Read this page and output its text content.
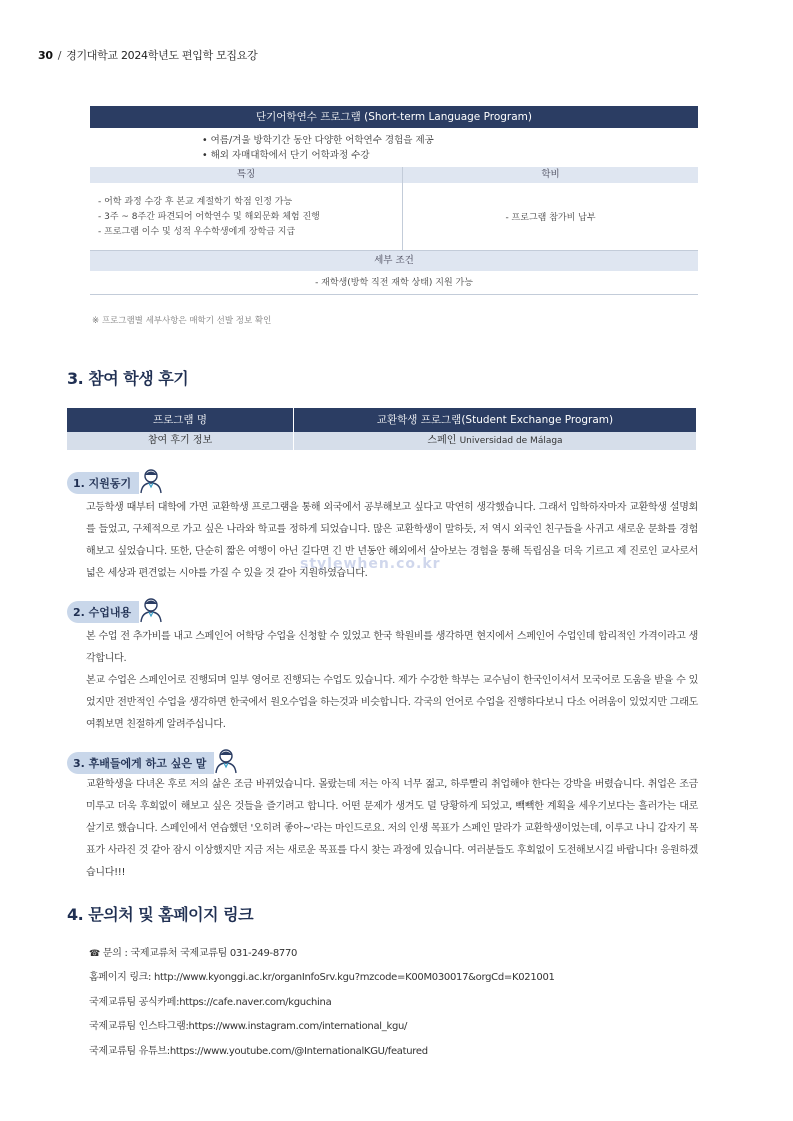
30 / 경기대학교 2024학년도 편입학 모집요강
단기어학연수 프로그램 (Short-term Language Program)
• 여름/겨울 방학기간 동안 다양한 어학연수 경험을 제공
• 해외 자매대학에서 단기 어학과정 수강
특징
- 어학 과정 수강 후 본교 계절학기 학점 인정 가능
- 3주 ~ 8주간 파견되어 어학연수 및 해외문화 체험 진행
- 프로그램 이수 및 성적 우수학생에게 장학금 지급
학비
- 프로그램 참가비 납부
세부 조건
- 재학생(방학 직전 재학 상태) 지원 가능
※ 프로그램별 세부사항은 매학기 선발 정보 확인
3. 참여 학생 후기
프로그램 명	교환학생 프로그램(Student Exchange Program)
참여 후기 정보	스페인 Universidad de Málaga
1. 지원동기
고등학생 때부터 대학에 가면 교환학생 프로그램을 통해 외국에서 공부해보고 싶다고 막연히 생각했습니다. 그래서 입학하자마자 교환학생 설명회를 들었고, 구체적으로 가고 싶은 나라와 학교를 정하게 되었습니다. 많은 교환학생이 말하듯, 저 역시 외국인 친구들을 사귀고 새로운 문화를 경험해보고 싶었습니다. 또한, 단순히 짧은 여행이 아닌 길다면 긴 반 년동안 해외에서 살아보는 경험을 통해 독립심을 더욱 기르고 제 진로인 교사로서 넓은 세상과 편견없는 시야를 가질 수 있을 것 같아 지원하였습니다.
stylewhen.co.kr
2. 수업내용
본 수업 전 추가비를 내고 스페인어 어학당 수업을 신청할 수 있었고 한국 학원비를 생각하면 현지에서 스페인어 수업인데 합리적인 가격이라고 생각합니다.
본교 수업은 스페인어로 진행되며 일부 영어로 진행되는 수업도 있습니다. 제가 수강한 학부는 교수님이 한국인이셔서 모국어로 도움을 받을 수 있었지만 전반적인 수업을 생각하면 한국에서 원오수업을 하는것과 비슷합니다. 각국의 언어로 수업을 진행하다보니 다소 어려움이 있었지만 그래도 여쭤보면 친절하게 알려주십니다.
3. 후배들에게 하고 싶은 말
교환학생을 다녀온 후로 저의 삶은 조금 바뀌었습니다. 몰랐는데 저는 아직 너무 젊고, 하루빨리 취업해야 한다는 강박을 버렸습니다. 취업은 조금 미루고 더욱 후회없이 해보고 싶은 것들을 즐기려고 합니다. 어떤 문제가 생겨도 덜 당황하게 되었고, 빽빽한 계획을 세우기보다는 흘러가는 대로 살기로 했습니다. 스페인에서 연습했던 '오히려 좋아~'라는 마인드로요. 저의 인생 목표가 스페인 말라가 교환학생이었는데, 이루고 나니 갑자기 목표가 사라진 것 같아 잠시 이상했지만 지금 저는 새로운 목표를 다시 찾는 과정에 있습니다. 여러분들도 후회없이 도전해보시길 바랍니다! 응원하겠습니다!!!
4. 문의처 및 홈페이지 링크
☎ 문의 : 국제교류처 국제교류팀 031-249-8770
홈페이지 링크: http://www.kyonggi.ac.kr/organInfoSrv.kgu?mzcode=K00M030017&orgCd=K021001
국제교류팀 공식카페:https://cafe.naver.com/kguchina
국제교류팀 인스타그램:https://www.instagram.com/international_kgu/
국제교류팀 유튜브:https://www.youtube.com/@InternationalKGU/featured
